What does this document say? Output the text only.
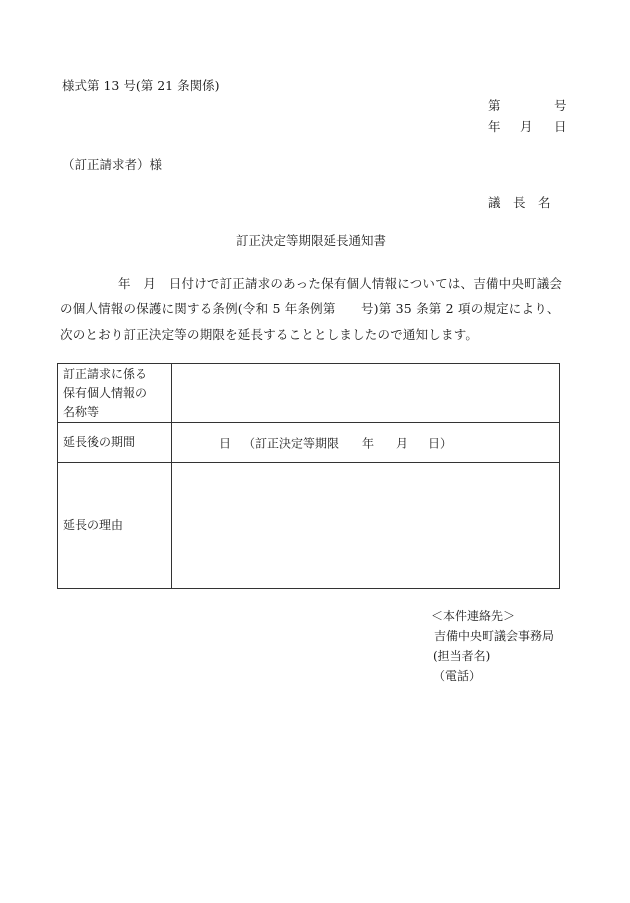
様式第 13 号(第 21 条関係)
第	号
年 月 日
（訂正請求者）様
議　長　名
訂正決定等期限延長通知書
年　月　日付けで訂正請求のあった保有個人情報については、吉備中央町議会
の個人情報の保護に関する条例(令和 5 年条例第　　号)第 35 条第 2 項の規定により、
次のとおり訂正決定等の期限を延長することとしましたので通知します。
訂正請求に係る
保有個人情報の
名称等	

延長後の期間	日 （訂正決定等期限 年 月 日）

延長の理由	
＜本件連絡先＞
吉備中央町議会事務局
(担当者名)
（電話）
